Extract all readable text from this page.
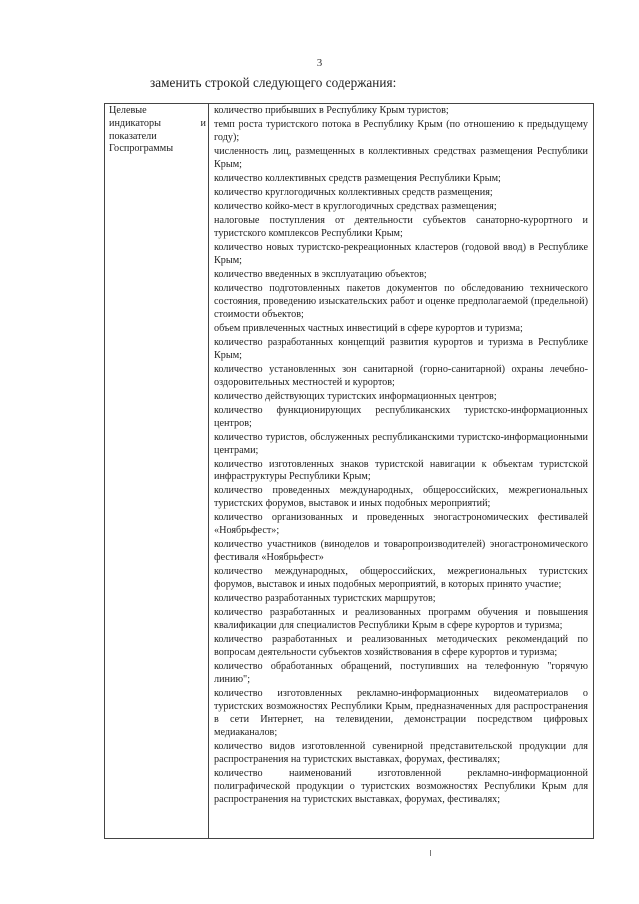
3
заменить строкой следующего содержания:
Целевые
индикаторы	и
показатели
Госпрограммы
количество прибывших в Республику Крым туристов;
темп роста туристского потока в Республику Крым (по отношению к предыдущему году);
численность лиц, размещенных в коллективных средствах размещения Республики Крым;
количество коллективных средств размещения Республики Крым;
количество круглогодичных коллективных средств размещения;
количество койко-мест в круглогодичных средствах размещения;
налоговые поступления от деятельности субъектов санаторно-курортного и туристского комплексов Республики Крым;
количество новых туристско-рекреационных кластеров (годовой ввод) в Республике Крым;
количество введенных в эксплуатацию объектов;
количество подготовленных пакетов документов по обследованию технического состояния, проведению изыскательских работ и оценке предполагаемой (предельной) стоимости объектов;
объем привлеченных частных инвестиций в сфере курортов и туризма;
количество разработанных концепций развития курортов и туризма в Республике Крым;
количество установленных зон санитарной (горно-санитарной) охраны лечебно-оздоровительных местностей и курортов;
количество действующих туристских информационных центров;
количество функционирующих республиканских туристско-информационных центров;
количество туристов, обслуженных республиканскими туристско-информационными центрами;
количество изготовленных знаков туристской навигации к объектам туристской инфраструктуры Республики Крым;
количество проведенных международных, общероссийских, межрегиональных туристских форумов, выставок и иных подобных мероприятий;
количество организованных и проведенных эногастрономических фестивалей «Ноябрьфест»;
количество участников (виноделов и товаропроизводителей) эногастрономического фестиваля «Ноябрьфест»
количество международных, общероссийских, межрегиональных туристских форумов, выставок и иных подобных мероприятий, в которых принято участие;
количество разработанных туристских маршрутов;
количество разработанных и реализованных программ обучения и повышения квалификации для специалистов Республики Крым в сфере курортов и туризма;
количество разработанных и реализованных методических рекомендаций по вопросам деятельности субъектов хозяйствования в сфере курортов и туризма;
количество обработанных обращений, поступивших на телефонную "горячую линию";
количество изготовленных рекламно-информационных видеоматериалов о туристских возможностях Республики Крым, предназначенных для распространения в сети Интернет, на телевидении, демонстрации посредством цифровых медиаканалов;
количество видов изготовленной сувенирной представительской продукции для распространения на туристских выставках, форумах, фестивалях;
количество наименований изготовленной рекламно-информационной полиграфической продукции о туристских возможностях Республики Крым для распространения на туристских выставках, форумах, фестивалях;
